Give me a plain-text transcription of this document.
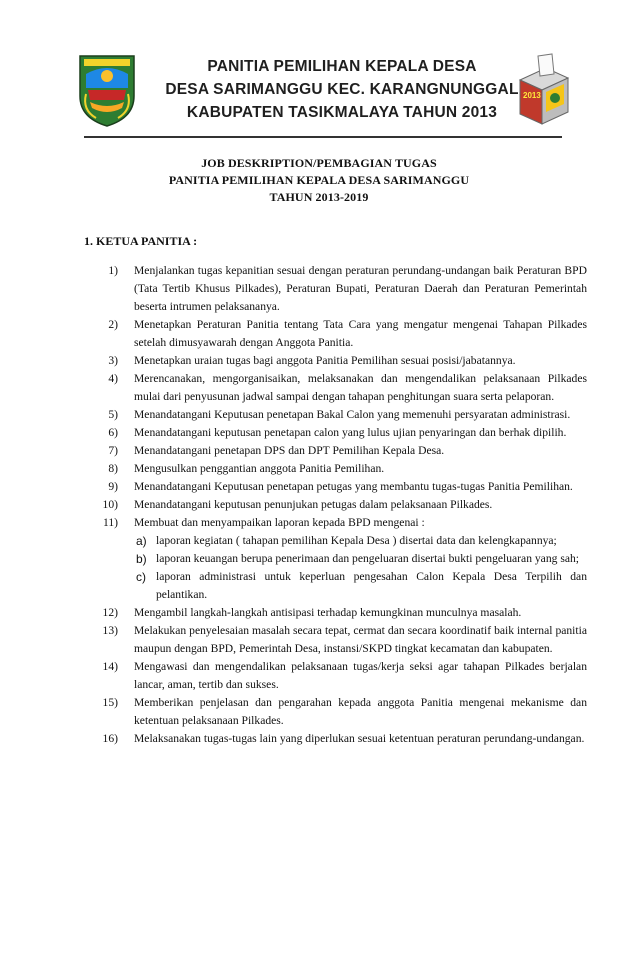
PANITIA PEMILIHAN KEPALA DESA
DESA SARIMANGGU KEC. KARANGNUNGGAL
KABUPATEN TASIKMALAYA TAHUN 2013
2013
JOB DESKRIPTION/PEMBAGIAN TUGAS
PANITIA PEMILIHAN KEPALA DESA SARIMANGGU
TAHUN 2013-2019
1. KETUA PANITIA :
1) Menjalankan tugas kepanitian sesuai dengan peraturan perundang-undangan baik Peraturan BPD (Tata Tertib Khusus Pilkades), Peraturan Bupati, Peraturan Daerah dan Peraturan Pemerintah beserta intrumen pelaksananya.
2) Menetapkan Peraturan Panitia tentang Tata Cara yang mengatur mengenai Tahapan Pilkades setelah dimusyawarah dengan Anggota Panitia.
3) Menetapkan uraian tugas bagi anggota Panitia Pemilihan sesuai posisi/jabatannya.
4) Merencanakan, mengorganisaikan, melaksanakan dan mengendalikan pelaksanaan Pilkades mulai dari penyusunan jadwal sampai dengan tahapan penghitungan suara serta pelaporan.
5) Menandatangani Keputusan penetapan Bakal Calon yang memenuhi persyaratan administrasi.
6) Menandatangani keputusan penetapan calon yang lulus ujian penyaringan dan berhak dipilih.
7) Menandatangani penetapan DPS dan DPT Pemilihan Kepala Desa.
8) Mengusulkan penggantian anggota Panitia Pemilihan.
9) Menandatangani Keputusan penetapan petugas yang membantu tugas-tugas Panitia Pemilihan.
10) Menandatangani keputusan penunjukan petugas dalam pelaksanaan Pilkades.
11) Membuat dan menyampaikan laporan kepada BPD mengenai :
a) laporan kegiatan ( tahapan pemilihan Kepala Desa ) disertai data dan kelengkapannya;
b) laporan keuangan berupa penerimaan dan pengeluaran disertai bukti pengeluaran yang sah;
c) laporan administrasi untuk keperluan pengesahan Calon Kepala Desa Terpilih dan pelantikan.
12) Mengambil langkah-langkah antisipasi terhadap kemungkinan munculnya masalah.
13) Melakukan penyelesaian masalah secara tepat, cermat dan secara koordinatif baik internal panitia maupun dengan BPD, Pemerintah Desa, instansi/SKPD tingkat kecamatan dan kabupaten.
14) Mengawasi dan mengendalikan pelaksanaan tugas/kerja seksi agar tahapan Pilkades berjalan lancar, aman, tertib dan sukses.
15) Memberikan penjelasan dan pengarahan kepada anggota Panitia mengenai mekanisme dan ketentuan pelaksanaan Pilkades.
16) Melaksanakan tugas-tugas lain yang diperlukan sesuai ketentuan peraturan perundang-undangan.
